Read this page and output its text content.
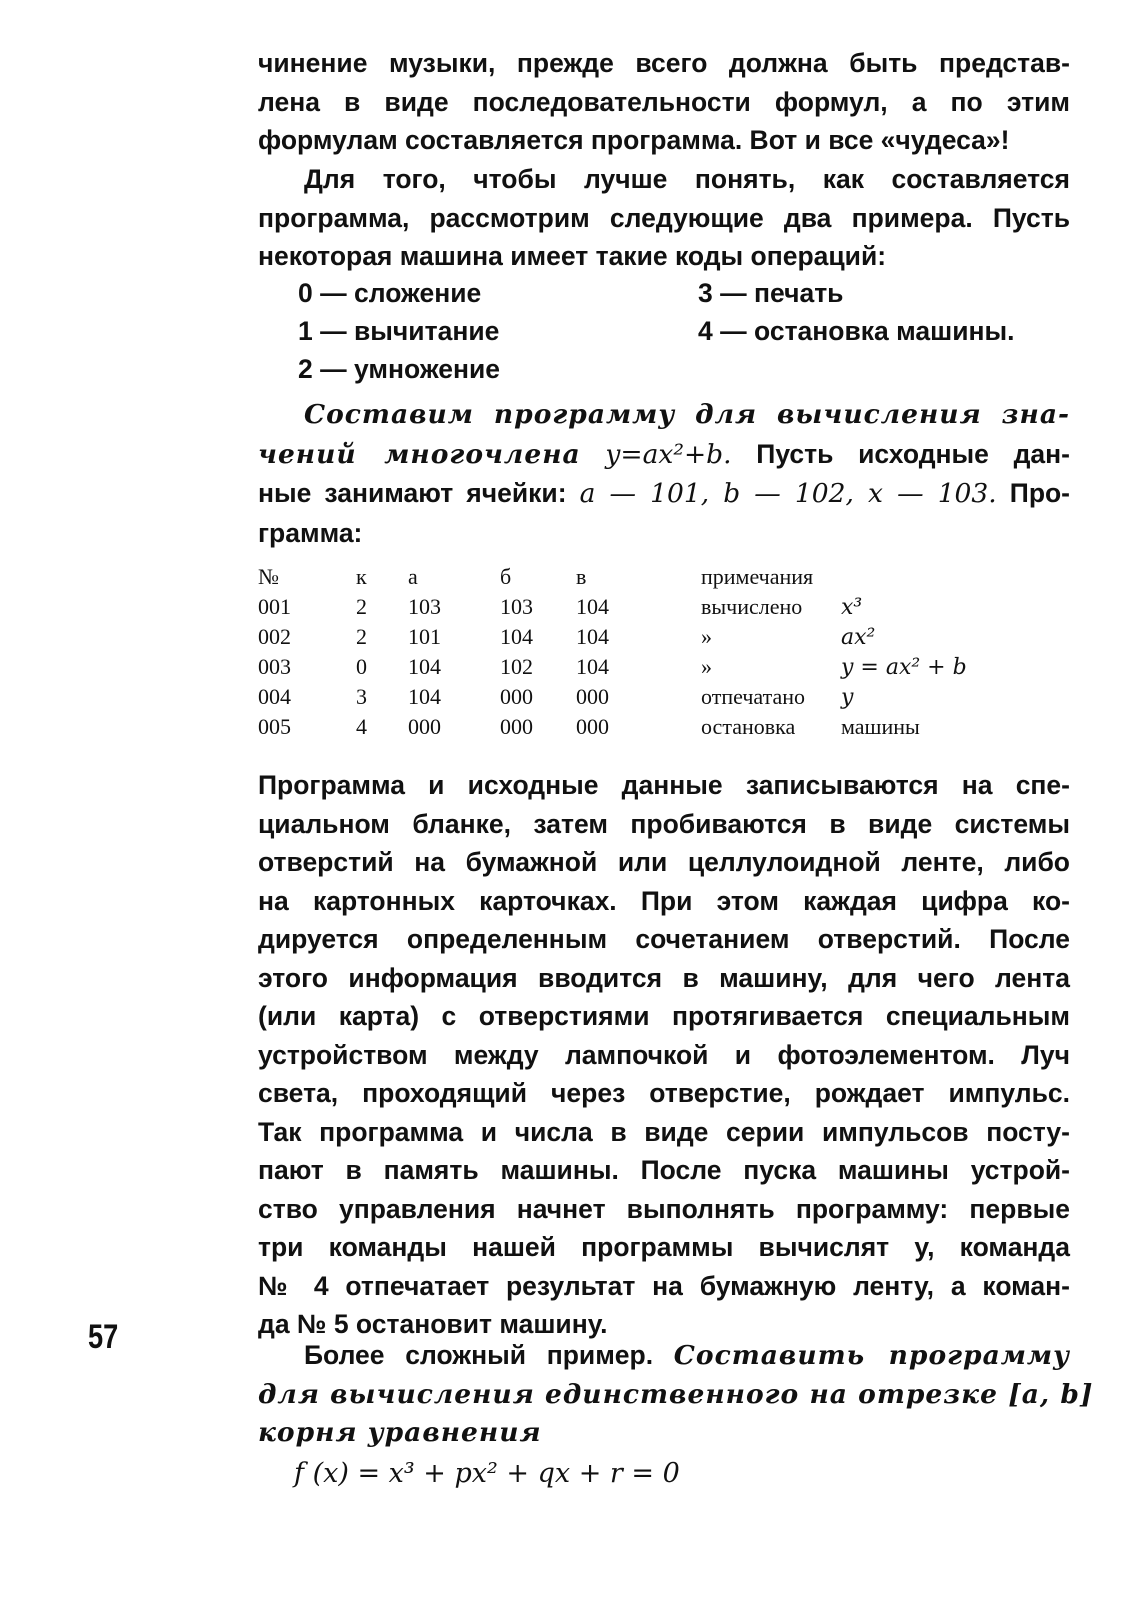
чинение музыки, прежде всего должна быть представ-
лена в виде последовательности формул, а по этим
формулам составляется программа. Вот и все «чудеса»!

Для того, чтобы лучше понять, как составляется
программа, рассмотрим следующие два примера. Пусть
некоторая машина имеет такие коды операций:

0 — сложение
1 — вычитание
2 — умножение
3 — печать
4 — остановка машины.

Составим программу для вычисления зна-
чений многочлена y=ax²+b. Пусть исходные дан-
ные занимают ячейки: a — 101, b — 102, x — 103. Про-
грамма:

№	к	а	б	в	примечания	
001	2	103	103	104	вычислено	x³
002	2	101	104	104	»	ax²
003	0	104	102	104	»	y = ax² + b
004	3	104	000	000	отпечатано	y
005	4	000	000	000	остановка	машины

Программа и исходные данные записываются на спе-
циальном бланке, затем пробиваются в виде системы
отверстий на бумажной или целлулоидной ленте, либо
на картонных карточках. При этом каждая цифра ко-
дируется определенным сочетанием отверстий. После
этого информация вводится в машину, для чего лента
(или карта) с отверстиями протягивается специальным
устройством между лампочкой и фотоэлементом. Луч
света, проходящий через отверстие, рождает импульс.
Так программа и числа в виде серии импульсов посту-
пают в память машины. После пуска машины устрой-
ство управления начнет выполнять программу: первые
три команды нашей программы вычислят y, команда
№ 4 отпечатает результат на бумажную ленту, а коман-
да № 5 остановит машину.

57	Более сложный пример. Составить программу
для вычисления единственного на отрезке [a, b]
корня уравнения

f (x) = x³ + px² + qx + r = 0
